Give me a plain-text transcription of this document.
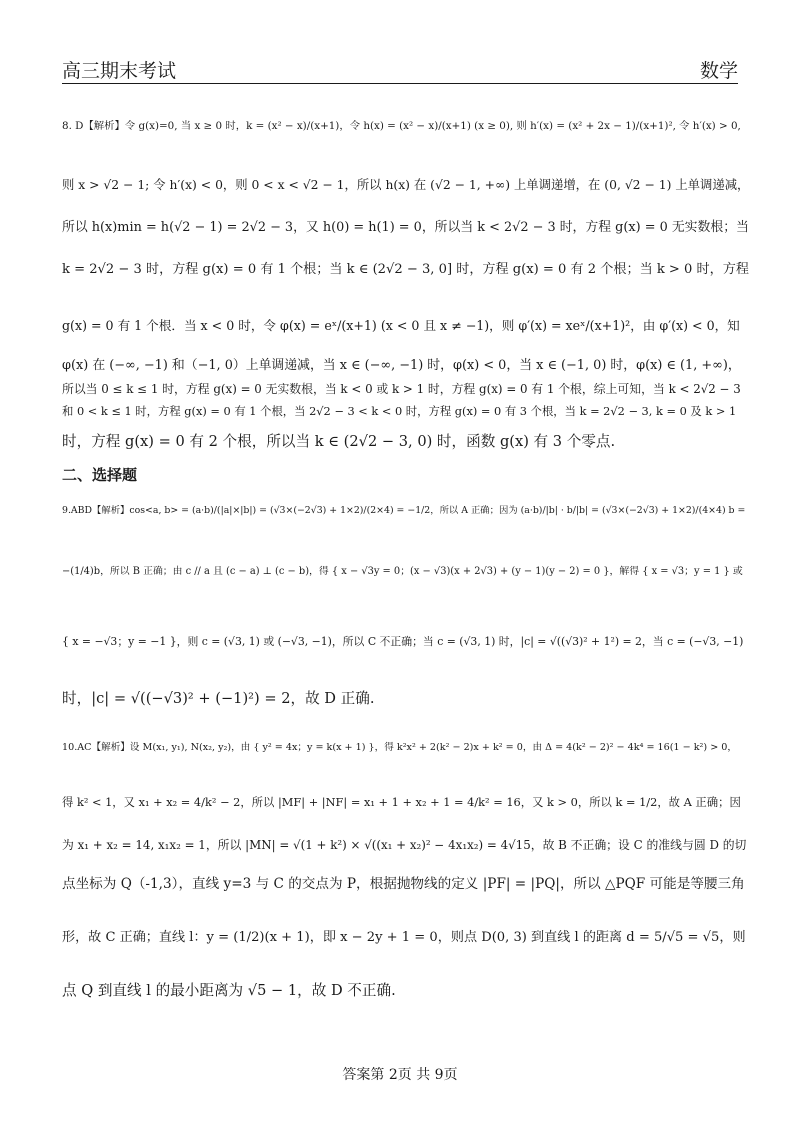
高三期末考试	数学
8. D【解析】令 g(x)=0, 当 x ≥ 0 时，k = (x² − x)/(x+1)，令 h(x) = (x² − x)/(x+1) (x ≥ 0), 则 h′(x) = (x² + 2x − 1)/(x+1)², 令 h′(x) > 0,
则 x > √2 − 1; 令 h′(x) < 0，则 0 < x < √2 − 1，所以 h(x) 在 (√2 − 1, +∞) 上单调递增，在 (0, √2 − 1) 上单调递减，
所以 h(x)min = h(√2 − 1) = 2√2 − 3，又 h(0) = h(1) = 0，所以当 k < 2√2 − 3 时，方程 g(x) = 0 无实数根；当
k = 2√2 − 3 时，方程 g(x) = 0 有 1 个根；当 k ∈ (2√2 − 3, 0] 时，方程 g(x) = 0 有 2 个根；当 k > 0 时，方程
g(x) = 0 有 1 个根．当 x < 0 时，令 φ(x) = eˣ/(x+1) (x < 0 且 x ≠ −1)，则 φ′(x) = xeˣ/(x+1)²，由 φ′(x) < 0，知
φ(x) 在 (−∞, −1) 和（−1, 0）上单调递减，当 x ∈ (−∞, −1) 时，φ(x) < 0，当 x ∈ (−1, 0) 时，φ(x) ∈ (1, +∞)，
所以当 0 ≤ k ≤ 1 时，方程 g(x) = 0 无实数根，当 k < 0 或 k > 1 时，方程 g(x) = 0 有 1 个根，综上可知，当 k < 2√2 − 3
和 0 < k ≤ 1 时，方程 g(x) = 0 有 1 个根，当 2√2 − 3 < k < 0 时，方程 g(x) = 0 有 3 个根，当 k = 2√2 − 3, k = 0 及 k > 1
时，方程 g(x) = 0 有 2 个根，所以当 k ∈ (2√2 − 3, 0) 时，函数 g(x) 有 3 个零点.
二、选择题
9.ABD【解析】cos<a, b> = (a·b)/(|a|×|b|) = (√3×(−2√3) + 1×2)/(2×4) = −1/2，所以 A 正确；因为 (a·b)/|b| · b/|b| = (√3×(−2√3) + 1×2)/(4×4) b =
−(1/4)b，所以 B 正确；由 c // a 且 (c − a) ⊥ (c − b)，得 { x − √3y = 0；(x − √3)(x + 2√3) + (y − 1)(y − 2) = 0 }，解得 { x = √3；y = 1 } 或
{ x = −√3；y = −1 }，则 c = (√3, 1) 或 (−√3, −1)，所以 C 不正确；当 c = (√3, 1) 时，|c| = √((√3)² + 1²) = 2，当 c = (−√3, −1)
时，|c| = √((−√3)² + (−1)²) = 2，故 D 正确.
10.AC【解析】设 M(x₁, y₁), N(x₂, y₂)，由 { y² = 4x；y = k(x + 1) }，得 k²x² + 2(k² − 2)x + k² = 0，由 Δ = 4(k² − 2)² − 4k⁴ = 16(1 − k²) > 0，
得 k² < 1，又 x₁ + x₂ = 4/k² − 2，所以 |MF| + |NF| = x₁ + 1 + x₂ + 1 = 4/k² = 16，又 k > 0，所以 k = 1/2，故 A 正确；因
为 x₁ + x₂ = 14, x₁x₂ = 1，所以 |MN| = √(1 + k²) × √((x₁ + x₂)² − 4x₁x₂) = 4√15，故 B 不正确；设 C 的准线与圆 D 的切
点坐标为 Q（-1,3），直线 y=3 与 C 的交点为 P，根据抛物线的定义 |PF| = |PQ|，所以 △PQF 可能是等腰三角
形，故 C 正确；直线 l：y = (1/2)(x + 1)，即 x − 2y + 1 = 0，则点 D(0, 3) 到直线 l 的距离 d = 5/√5 = √5，则
点 Q 到直线 l 的最小距离为 √5 − 1，故 D 不正确.
答案第 2页 共 9页
